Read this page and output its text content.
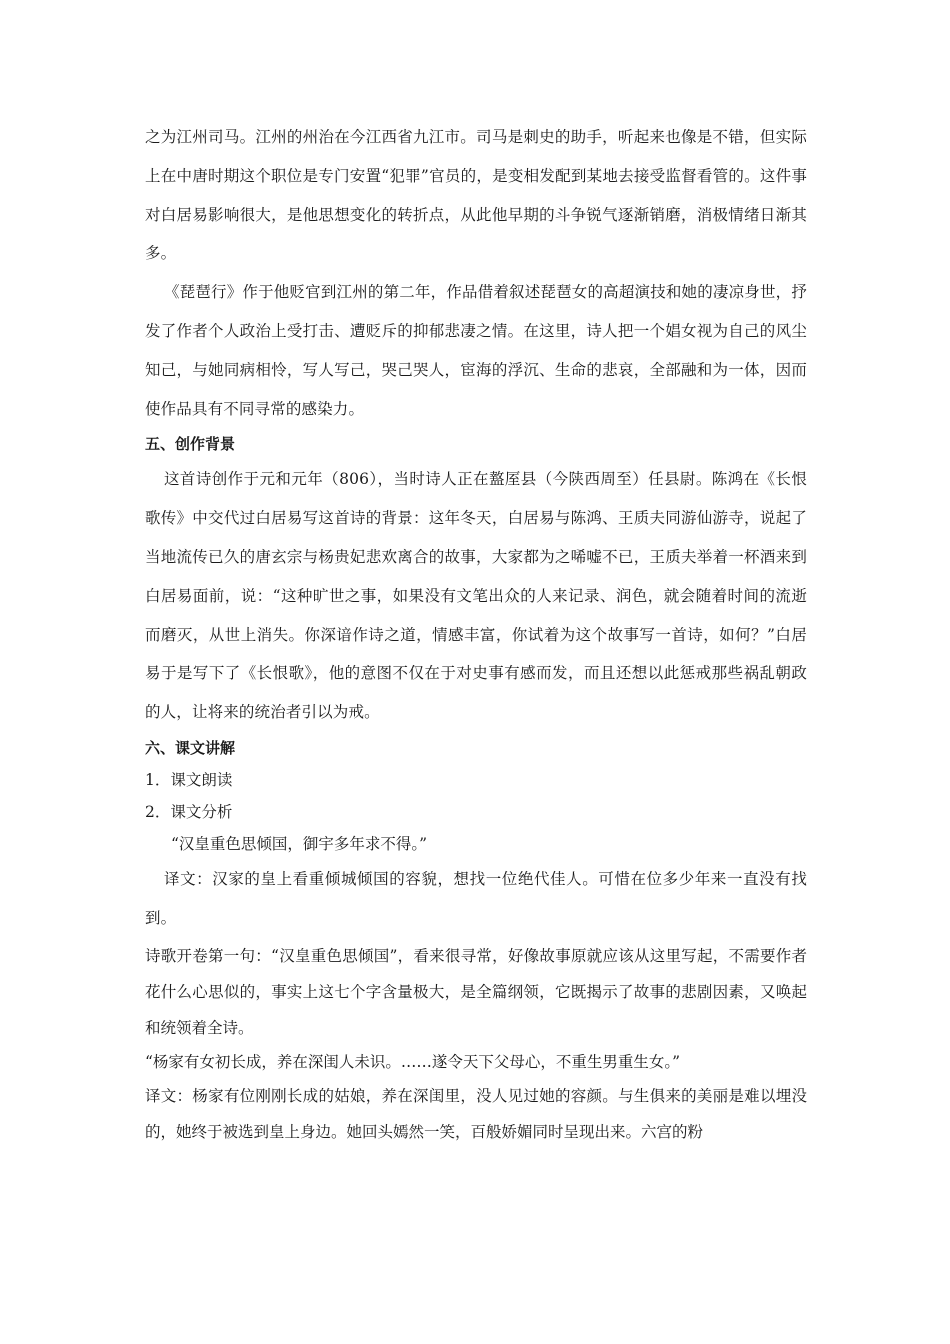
之为江州司马。江州的州治在今江西省九江市。司马是刺史的助手，听起来也像是不错，但实际上在中唐时期这个职位是专门安置“犯罪”官员的，是变相发配到某地去接受监督看管的。这件事对白居易影响很大，是他思想变化的转折点，从此他早期的斗争锐气逐渐销磨，消极情绪日渐其多。

《琵琶行》作于他贬官到江州的第二年，作品借着叙述琵琶女的高超演技和她的凄凉身世，抒发了作者个人政治上受打击、遭贬斥的抑郁悲凄之情。在这里，诗人把一个娼女视为自己的风尘知己，与她同病相怜，写人写己，哭己哭人，宦海的浮沉、生命的悲哀，全部融和为一体，因而使作品具有不同寻常的感染力。

五、创作背景

这首诗创作于元和元年（806），当时诗人正在盩厔县（今陕西周至）任县尉。陈鸿在《长恨歌传》中交代过白居易写这首诗的背景：这年冬天，白居易与陈鸿、王质夫同游仙游寺，说起了当地流传已久的唐玄宗与杨贵妃悲欢离合的故事，大家都为之唏嘘不已，王质夫举着一杯酒来到白居易面前，说：“这种旷世之事，如果没有文笔出众的人来记录、润色，就会随着时间的流逝而磨灭，从世上消失。你深谙作诗之道，情感丰富，你试着为这个故事写一首诗，如何？”白居易于是写下了《长恨歌》，他的意图不仅在于对史事有感而发，而且还想以此惩戒那些祸乱朝政的人，让将来的统治者引以为戒。

六、课文讲解

1．课文朗读

2．课文分析

“汉皇重色思倾国，御宇多年求不得。”

译文：汉家的皇上看重倾城倾国的容貌，想找一位绝代佳人。可惜在位多少年来一直没有找到。

诗歌开卷第一句：“汉皇重色思倾国”，看来很寻常，好像故事原就应该从这里写起，不需要作者花什么心思似的，事实上这七个字含量极大，是全篇纲领，它既揭示了故事的悲剧因素，又唤起和统领着全诗。

“杨家有女初长成，养在深闺人未识。……遂令天下父母心，不重生男重生女。”

译文：杨家有位刚刚长成的姑娘，养在深闺里，没人见过她的容颜。与生俱来的美丽是难以埋没的，她终于被选到皇上身边。她回头嫣然一笑，百般娇媚同时呈现出来。六宫的粉
